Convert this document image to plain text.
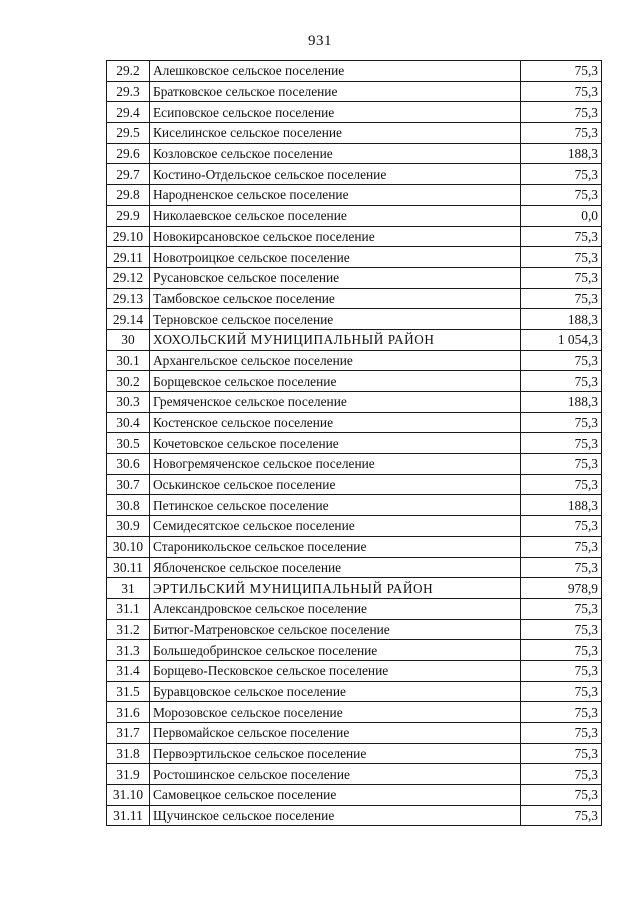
931
29.2	Алешковское сельское поселение	75,3
29.3	Братковское сельское поселение	75,3
29.4	Есиповское сельское поселение	75,3
29.5	Киселинское сельское поселение	75,3
29.6	Козловское сельское поселение	188,3
29.7	Костино-Отдельское сельское поселение	75,3
29.8	Народненское сельское поселение	75,3
29.9	Николаевское сельское поселение	0,0
29.10	Новокирсановское сельское поселение	75,3
29.11	Новотроицкое сельское поселение	75,3
29.12	Русановское сельское поселение	75,3
29.13	Тамбовское сельское поселение	75,3
29.14	Терновское сельское поселение	188,3
30	ХОХОЛЬСКИЙ МУНИЦИПАЛЬНЫЙ РАЙОН	1 054,3
30.1	Архангельское сельское поселение	75,3
30.2	Борщевское сельское поселение	75,3
30.3	Гремяченское сельское поселение	188,3
30.4	Костенское сельское поселение	75,3
30.5	Кочетовское сельское поселение	75,3
30.6	Новогремяченское сельское поселение	75,3
30.7	Оськинское сельское поселение	75,3
30.8	Петинское сельское поселение	188,3
30.9	Семидесятское сельское поселение	75,3
30.10	Староникольское сельское поселение	75,3
30.11	Яблоченское сельское поселение	75,3
31	ЭРТИЛЬСКИЙ МУНИЦИПАЛЬНЫЙ РАЙОН	978,9
31.1	Александровское сельское поселение	75,3
31.2	Битюг-Матреновское сельское поселение	75,3
31.3	Большедобринское сельское поселение	75,3
31.4	Борщево-Песковское сельское поселение	75,3
31.5	Буравцовское сельское поселение	75,3
31.6	Морозовское сельское поселение	75,3
31.7	Первомайское сельское поселение	75,3
31.8	Первоэртильское сельское поселение	75,3
31.9	Ростошинское сельское поселение	75,3
31.10	Самовецкое сельское поселение	75,3
31.11	Щучинское сельское поселение	75,3
